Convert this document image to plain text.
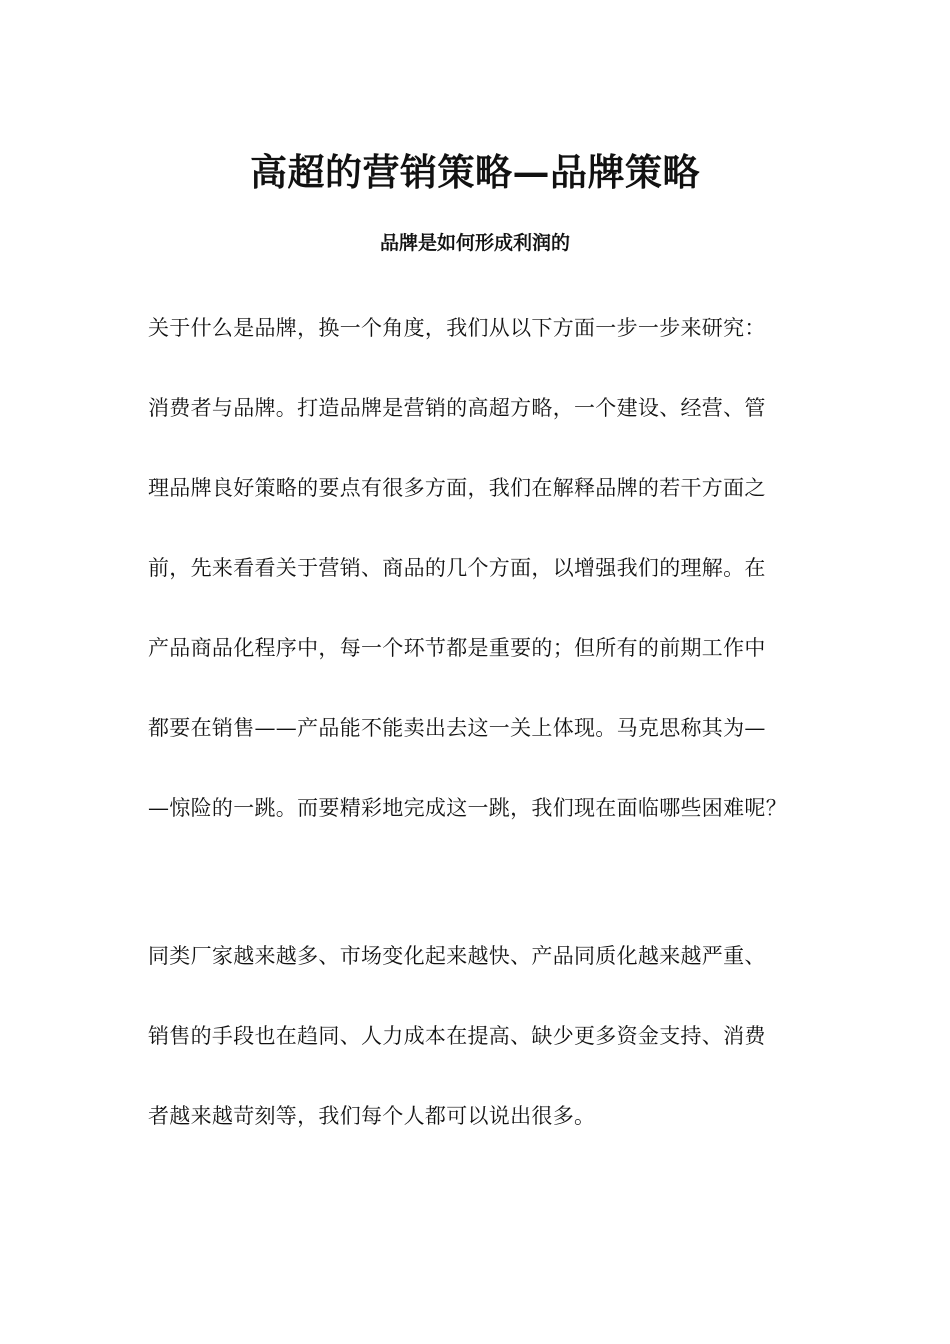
高超的营销策略—品牌策略
品牌是如何形成利润的
关于什么是品牌，换一个角度，我们从以下方面一步一步来研究：
消费者与品牌。打造品牌是营销的高超方略，一个建设、经营、管
理品牌良好策略的要点有很多方面，我们在解释品牌的若干方面之
前，先来看看关于营销、商品的几个方面，以增强我们的理解。在
产品商品化程序中，每一个环节都是重要的；但所有的前期工作中
都要在销售——产品能不能卖出去这一关上体现。马克思称其为—
—惊险的一跳。而要精彩地完成这一跳，我们现在面临哪些困难呢？
同类厂家越来越多、市场变化起来越快、产品同质化越来越严重、
销售的手段也在趋同、人力成本在提高、缺少更多资金支持、消费
者越来越苛刻等，我们每个人都可以说出很多。
